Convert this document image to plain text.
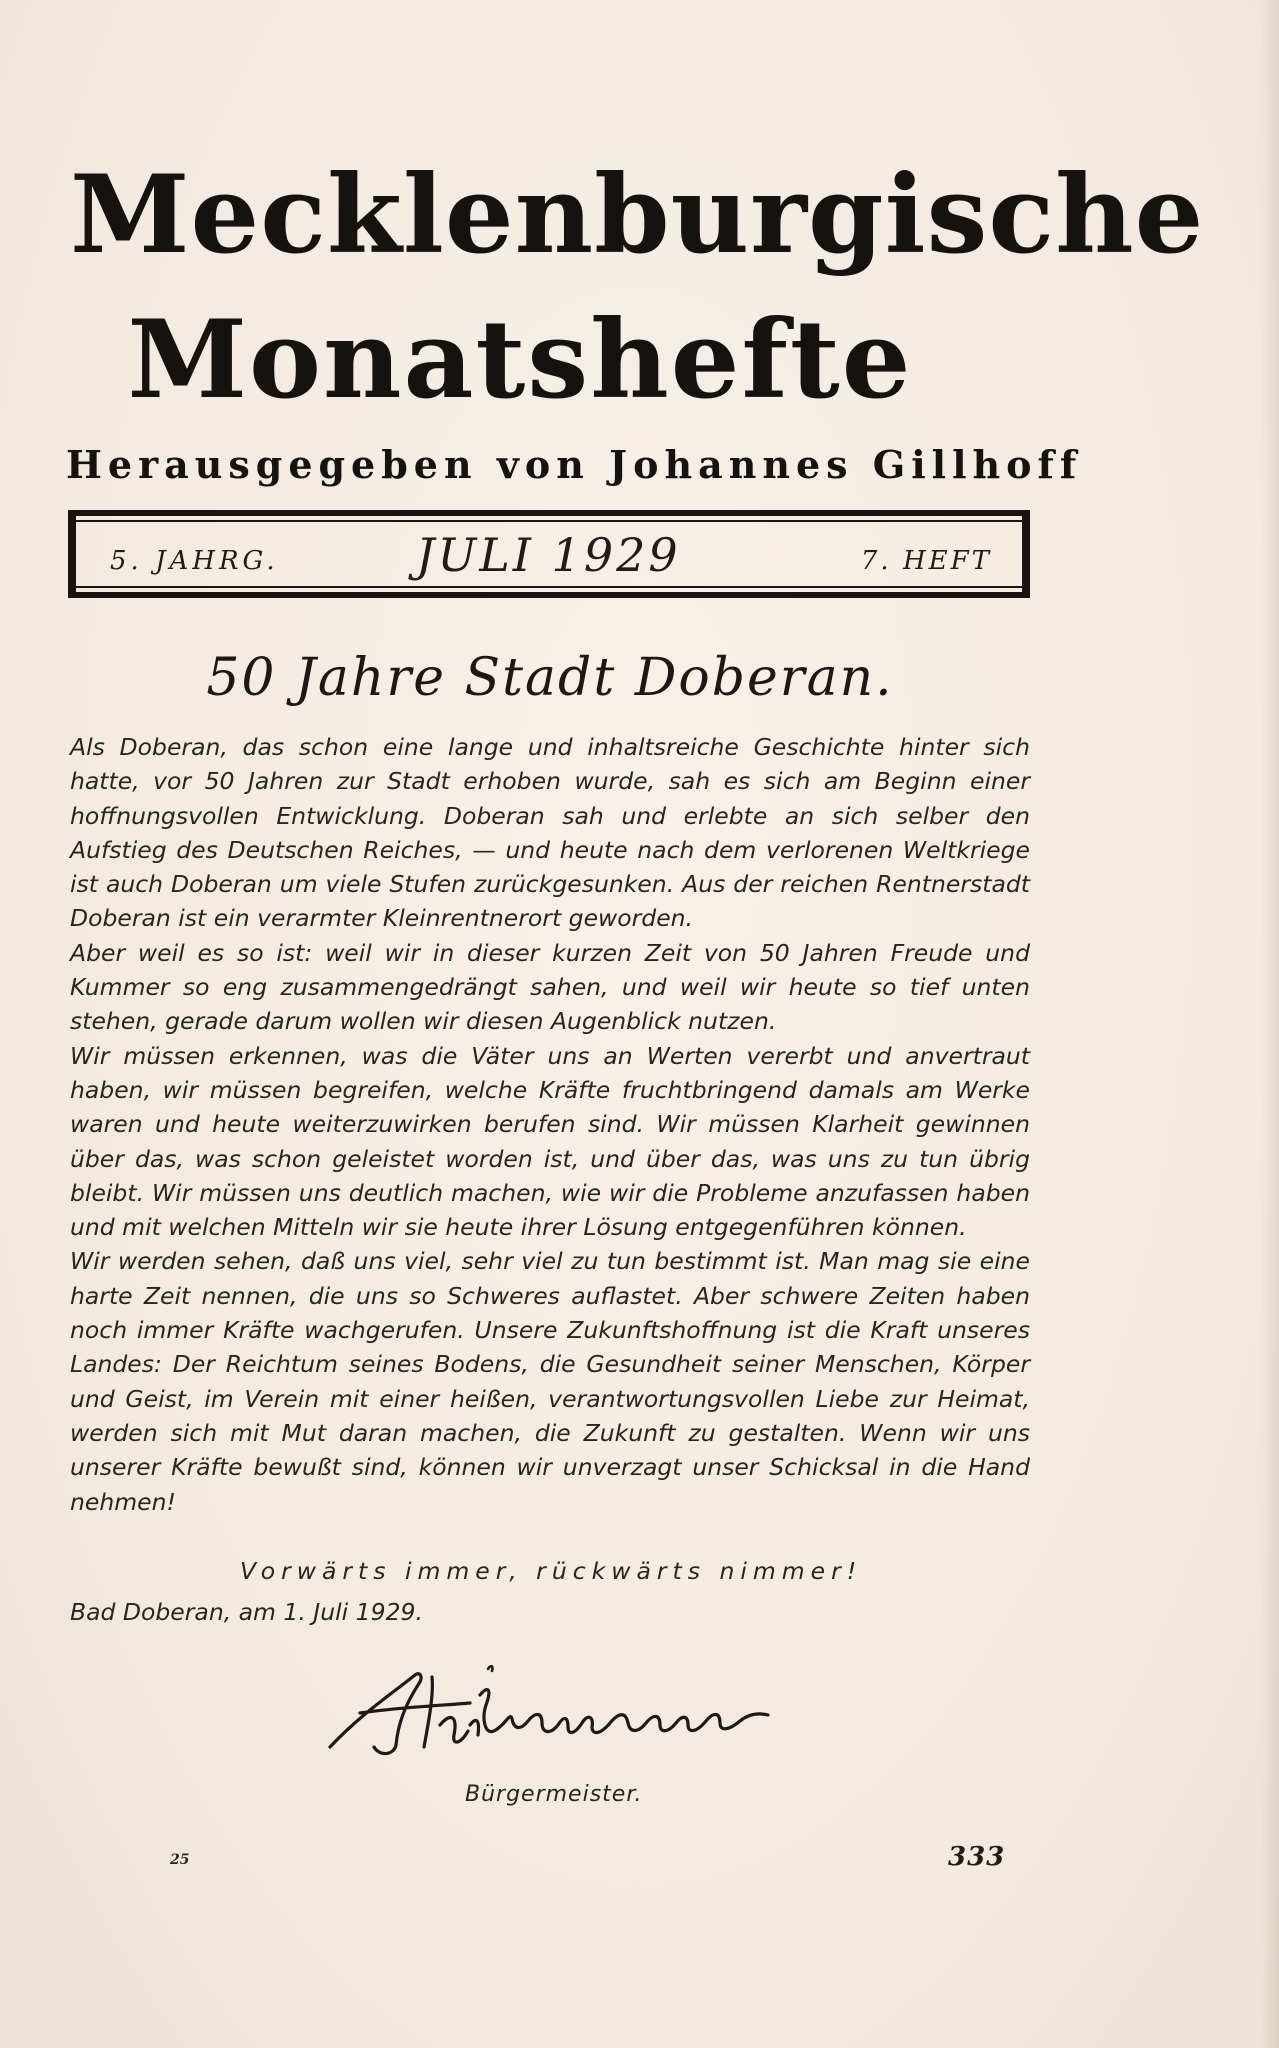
Mecklenburgische
Monatshefte
Herausgegeben von Johannes Gillhoff
5. JAHRG.	JULI 1929	7. HEFT
50 Jahre Stadt Doberan.

Als Doberan, das schon eine lange und inhaltsreiche Geschichte hinter sich hatte, vor 50 Jahren zur Stadt erhoben wurde, sah es sich am Beginn einer hoffnungsvollen Entwicklung. Doberan sah und erlebte an sich selber den Aufstieg des Deutschen Reiches, — und heute nach dem verlorenen Weltkriege ist auch Doberan um viele Stufen zurückgesunken. Aus der reichen Rentnerstadt Doberan ist ein verarmter Kleinrentnerort geworden.

Aber weil es so ist: weil wir in dieser kurzen Zeit von 50 Jahren Freude und Kummer so eng zusammengedrängt sahen, und weil wir heute so tief unten stehen, gerade darum wollen wir diesen Augenblick nutzen.

Wir müssen erkennen, was die Väter uns an Werten vererbt und anvertraut haben, wir müssen begreifen, welche Kräfte fruchtbringend damals am Werke waren und heute weiterzuwirken berufen sind. Wir müssen Klarheit gewinnen über das, was schon geleistet worden ist, und über das, was uns zu tun übrig bleibt. Wir müssen uns deutlich machen, wie wir die Probleme anzufassen haben und mit welchen Mitteln wir sie heute ihrer Lösung entgegenführen können.

Wir werden sehen, daß uns viel, sehr viel zu tun bestimmt ist. Man mag sie eine harte Zeit nennen, die uns so Schweres auflastet. Aber schwere Zeiten haben noch immer Kräfte wachgerufen. Unsere Zukunftshoffnung ist die Kraft unseres Landes: Der Reichtum seines Bodens, die Gesundheit seiner Menschen, Körper und Geist, im Verein mit einer heißen, verantwortungsvollen Liebe zur Heimat, werden sich mit Mut daran machen, die Zukunft zu gestalten. Wenn wir uns unserer Kräfte bewußt sind, können wir unverzagt unser Schicksal in die Hand nehmen!

Vorwärts immer, rückwärts nimmer!
Bad Doberan, am 1. Juli 1929.
Bürgermeister.
25	333
